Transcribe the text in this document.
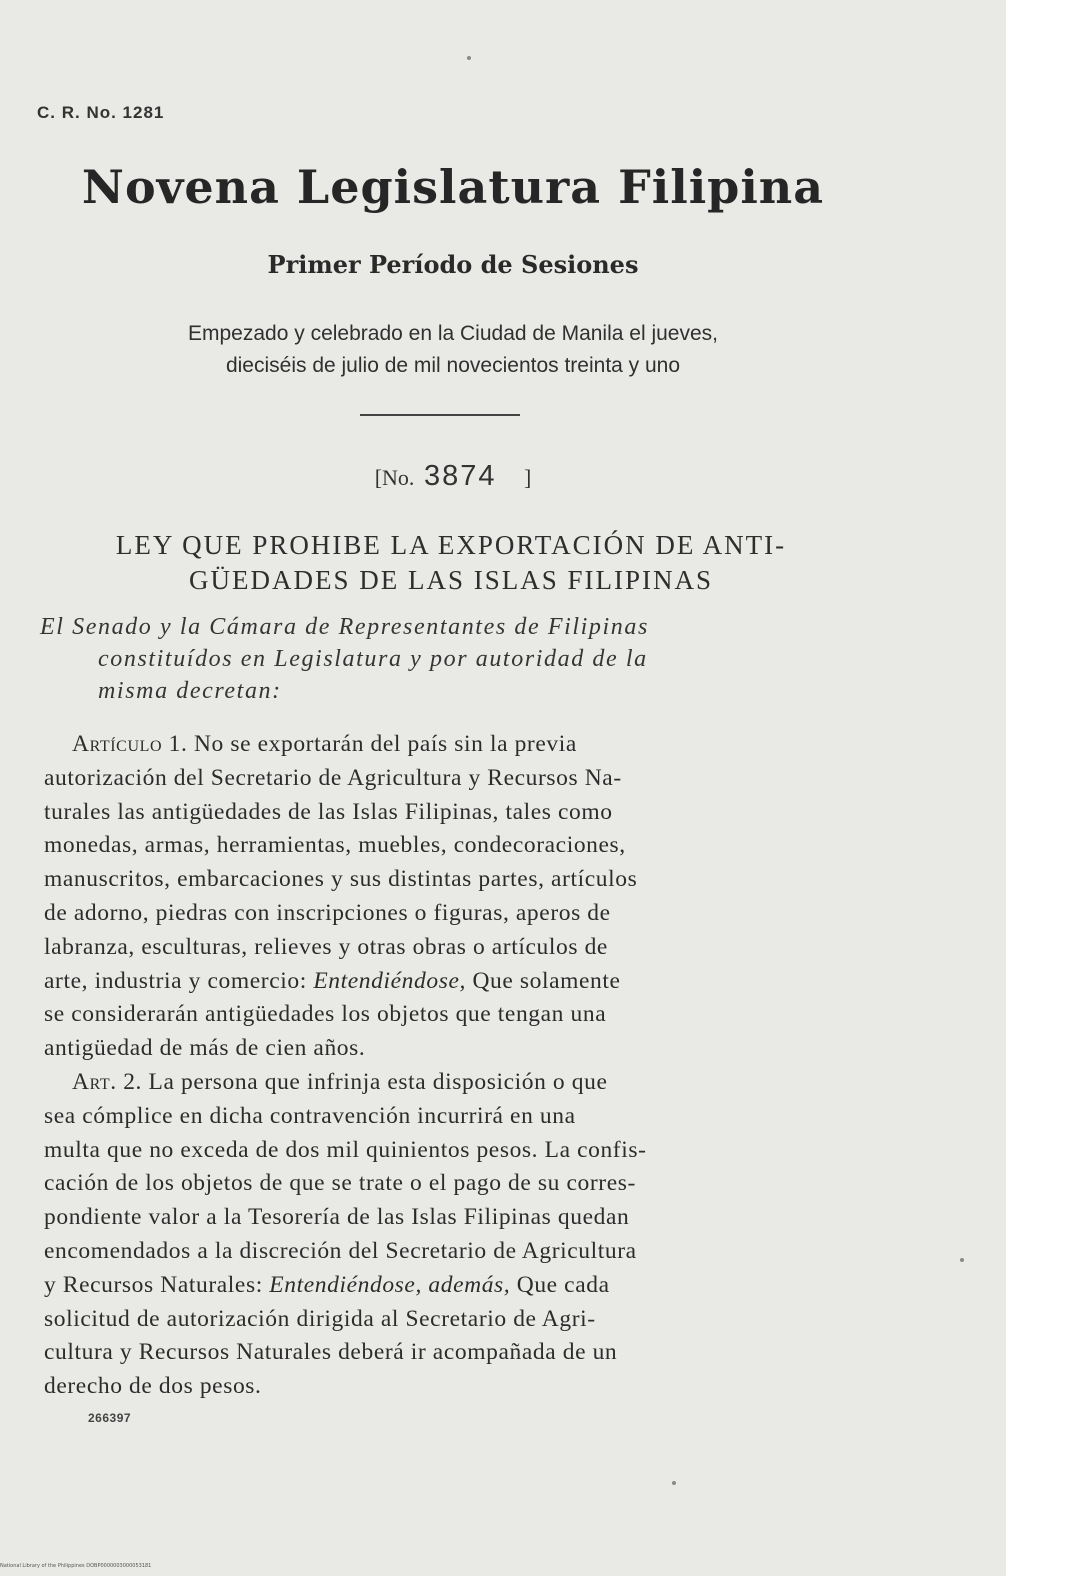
C. R. No. 1281
Novena Legislatura Filipina
Primer Período de Sesiones
Empezado y celebrado en la Ciudad de Manila el jueves,
dieciséis de julio de mil novecientos treinta y uno
[No. 3874 ]
LEY QUE PROHIBE LA EXPORTACIÓN DE ANTI-
GÜEDADES DE LAS ISLAS FILIPINAS

El Senado y la Cámara de Representantes de Filipinas

constituídos en Legislatura y por autoridad de la

misma decretan:

Artículo 1. No se exportarán del país sin la previa
autorización del Secretario de Agricultura y Recursos Na-
turales las antigüedades de las Islas Filipinas, tales como
monedas, armas, herramientas, muebles, condecoraciones,
manuscritos, embarcaciones y sus distintas partes, artículos
de adorno, piedras con inscripciones o figuras, aperos de
labranza, esculturas, relieves y otras obras o artículos de
arte, industria y comercio: Entendiéndose, Que solamente
se considerarán antigüedades los objetos que tengan una
antigüedad de más de cien años.
Art. 2. La persona que infrinja esta disposición o que
sea cómplice en dicha contravención incurrirá en una
multa que no exceda de dos mil quinientos pesos. La confis-
cación de los objetos de que se trate o el pago de su corres-
pondiente valor a la Tesorería de las Islas Filipinas quedan
encomendados a la discreción del Secretario de Agricultura
y Recursos Naturales: Entendiéndose, además, Que cada
solicitud de autorización dirigida al Secretario de Agri-
cultura y Recursos Naturales deberá ir acompañada de un
derecho de dos pesos.
266397
National Library of the Philippines DOBP0000003000053181
